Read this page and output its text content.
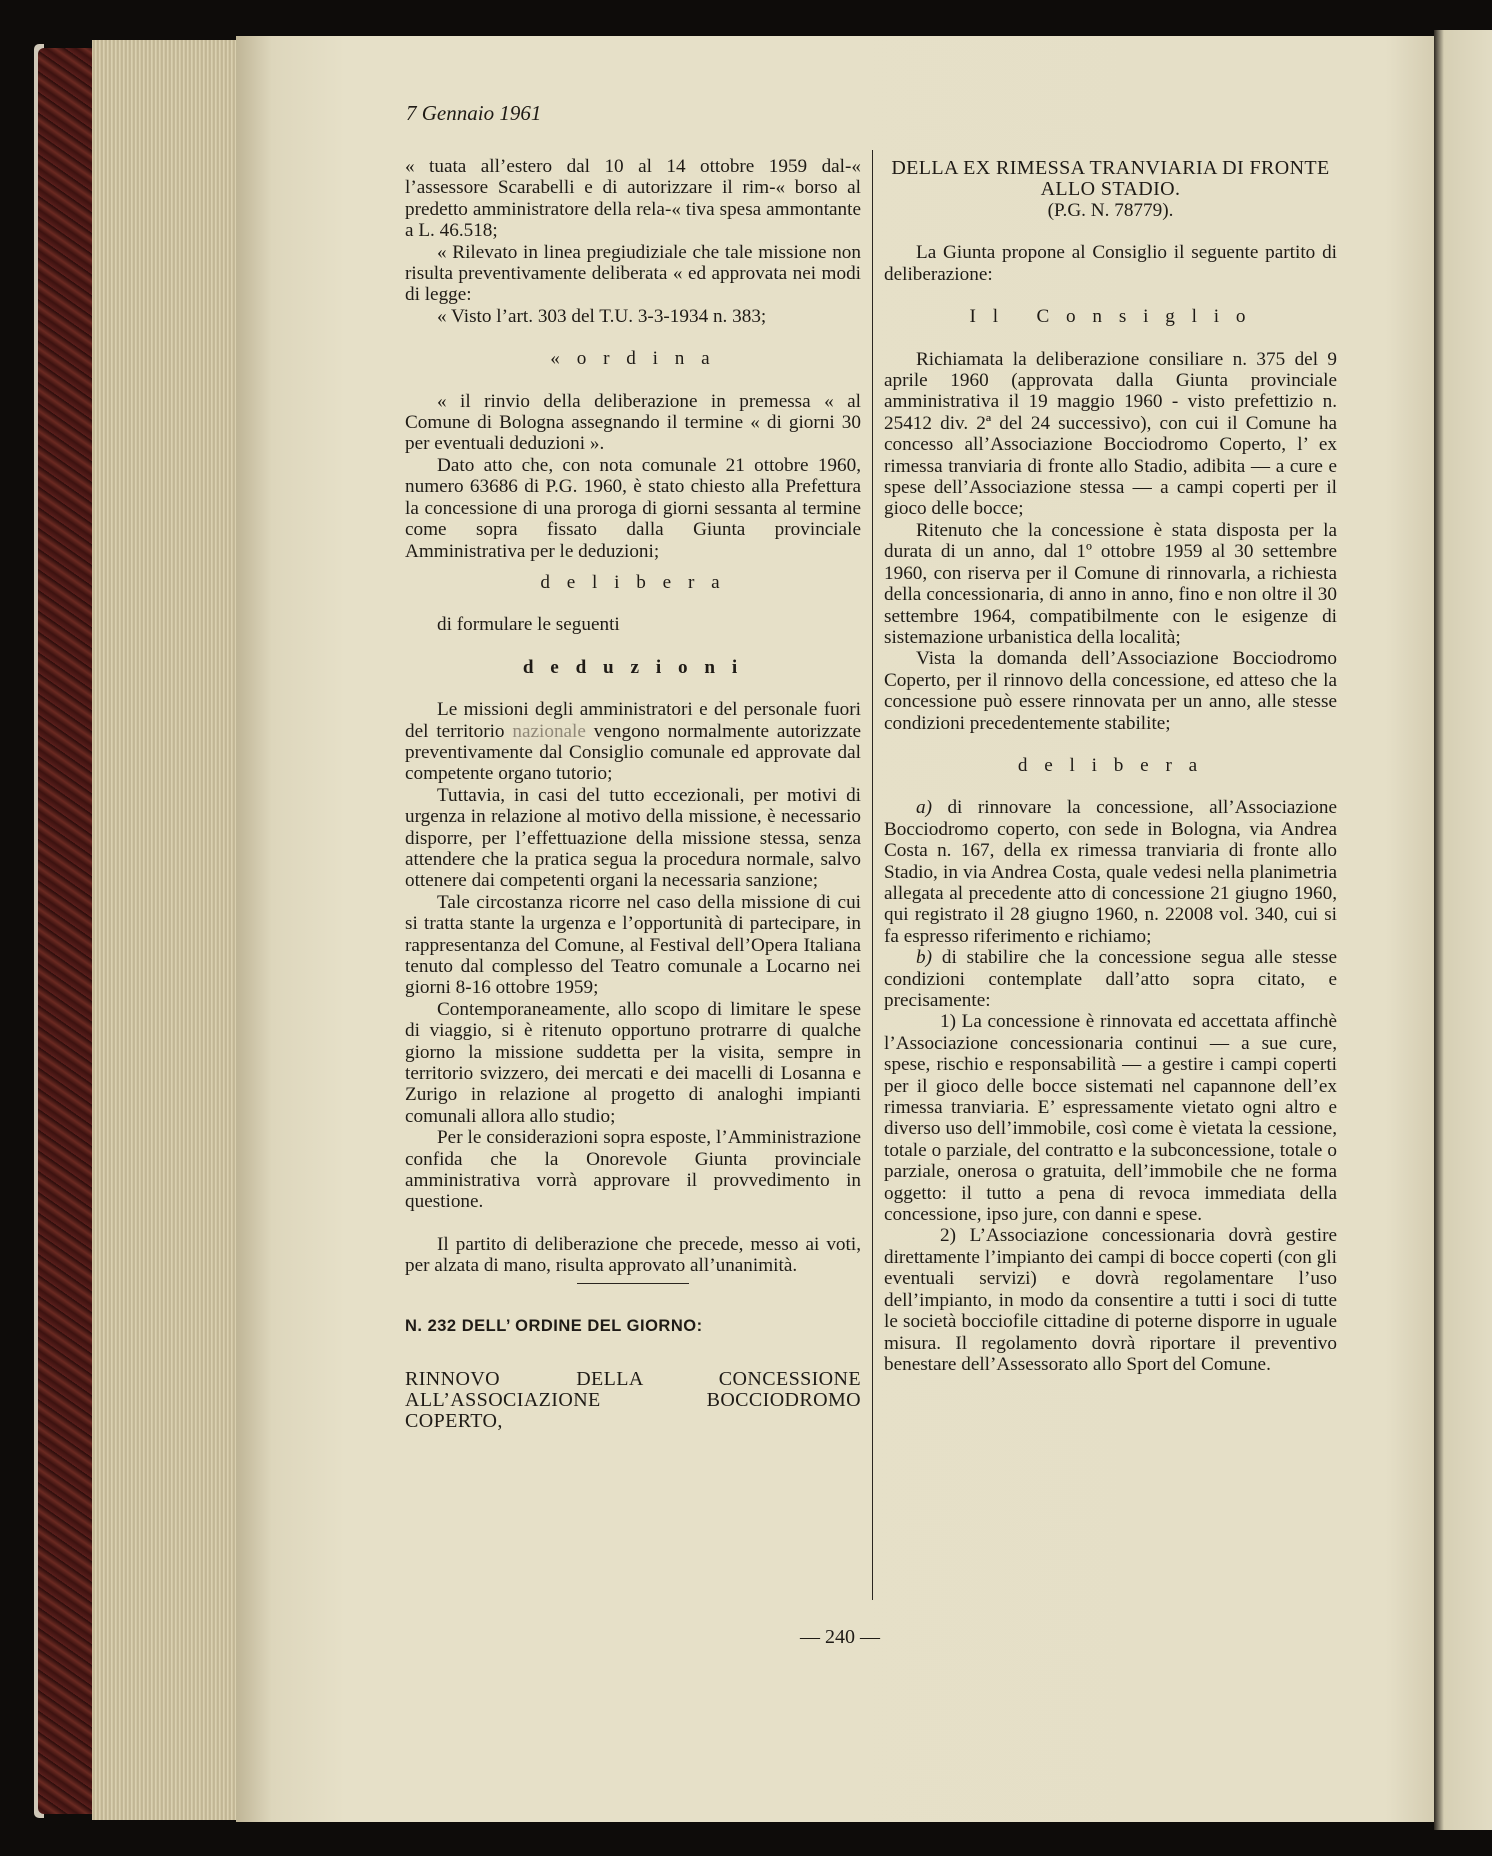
7 Gennaio 1961

« tuata all’estero dal 10 al 14 ottobre 1959 dal-« l’assessore Scarabelli e di autorizzare il rim-« borso al predetto amministratore della rela-« tiva spesa ammontante a L. 46.518;

« Rilevato in linea pregiudiziale che tale missione non risulta preventivamente deliberata « ed approvata nei modi di legge:

« Visto l’art. 303 del T.U. 3-3-1934 n. 383;

« o r d i n a

« il rinvio della deliberazione in premessa « al Comune di Bologna assegnando il termine « di giorni 30 per eventuali deduzioni ».

Dato atto che, con nota comunale 21 ottobre 1960, numero 63686 di P.G. 1960, è stato chiesto alla Prefettura la concessione di una proroga di giorni sessanta al termine come sopra fissato dalla Giunta provinciale Amministrativa per le deduzioni;

d e l i b e r a

di formulare le seguenti

d e d u z i o n i

Le missioni degli amministratori e del personale fuori del territorio nazionale vengono normalmente autorizzate preventivamente dal Consiglio comunale ed approvate dal competente organo tutorio;

Tuttavia, in casi del tutto eccezionali, per motivi di urgenza in relazione al motivo della missione, è necessario disporre, per l’effettuazione della missione stessa, senza attendere che la pratica segua la procedura normale, salvo ottenere dai competenti organi la necessaria sanzione;

Tale circostanza ricorre nel caso della missione di cui si tratta stante la urgenza e l’opportunità di partecipare, in rappresentanza del Comune, al Festival dell’Opera Italiana tenuto dal complesso del Teatro comunale a Locarno nei giorni 8-16 ottobre 1959;

Contemporaneamente, allo scopo di limitare le spese di viaggio, si è ritenuto opportuno protrarre di qualche giorno la missione suddetta per la visita, sempre in territorio svizzero, dei mercati e dei macelli di Losanna e Zurigo in relazione al progetto di analoghi impianti comunali allora allo studio;

Per le considerazioni sopra esposte, l’Amministrazione confida che la Onorevole Giunta provinciale amministrativa vorrà approvare il provvedimento in questione.

Il partito di deliberazione che precede, messo ai voti, per alzata di mano, risulta approvato all’unanimità.

N. 232 DELL’ ORDINE DEL GIORNO:

RINNOVO DELLA CONCESSIONE ALL’ASSOCIAZIONE BOCCIODROMO COPERTO,

DELLA EX RIMESSA TRANVIARIA DI FRONTE ALLO STADIO.

(P.G. N. 78779).

La Giunta propone al Consiglio il seguente partito di deliberazione:

I l   C o n s i g l i o

Richiamata la deliberazione consiliare n. 375 del 9 aprile 1960 (approvata dalla Giunta provinciale amministrativa il 19 maggio 1960 - visto prefettizio n. 25412 div. 2ª del 24 successivo), con cui il Comune ha concesso all’Associazione Bocciodromo Coperto, l’ ex rimessa tranviaria di fronte allo Stadio, adibita — a cure e spese dell’Associazione stessa — a campi coperti per il gioco delle bocce;

Ritenuto che la concessione è stata disposta per la durata di un anno, dal 1º ottobre 1959 al 30 settembre 1960, con riserva per il Comune di rinnovarla, a richiesta della concessionaria, di anno in anno, fino e non oltre il 30 settembre 1964, compatibilmente con le esigenze di sistemazione urbanistica della località;

Vista la domanda dell’Associazione Bocciodromo Coperto, per il rinnovo della concessione, ed atteso che la concessione può essere rinnovata per un anno, alle stesse condizioni precedentemente stabilite;

d e l i b e r a

a) di rinnovare la concessione, all’Associazione Bocciodromo coperto, con sede in Bologna, via Andrea Costa n. 167, della ex rimessa tranviaria di fronte allo Stadio, in via Andrea Costa, quale vedesi nella planimetria allegata al precedente atto di concessione 21 giugno 1960, qui registrato il 28 giugno 1960, n. 22008 vol. 340, cui si fa espresso riferimento e richiamo;

b) di stabilire che la concessione segua alle stesse condizioni contemplate dall’atto sopra citato, e precisamente:

1) La concessione è rinnovata ed accettata affinchè l’Associazione concessionaria continui — a sue cure, spese, rischio e responsabilità — a gestire i campi coperti per il gioco delle bocce sistemati nel capannone dell’ex rimessa tranviaria. E’ espressamente vietato ogni altro e diverso uso dell’immobile, così come è vietata la cessione, totale o parziale, del contratto e la subconcessione, totale o parziale, onerosa o gratuita, dell’immobile che ne forma oggetto: il tutto a pena di revoca immediata della concessione, ipso jure, con danni e spese.

2) L’Associazione concessionaria dovrà gestire direttamente l’impianto dei campi di bocce coperti (con gli eventuali servizi) e dovrà regolamentare l’uso dell’impianto, in modo da consentire a tutti i soci di tutte le società bocciofile cittadine di poterne disporre in uguale misura. Il regolamento dovrà riportare il preventivo benestare dell’Assessorato allo Sport del Comune.

— 240 —
